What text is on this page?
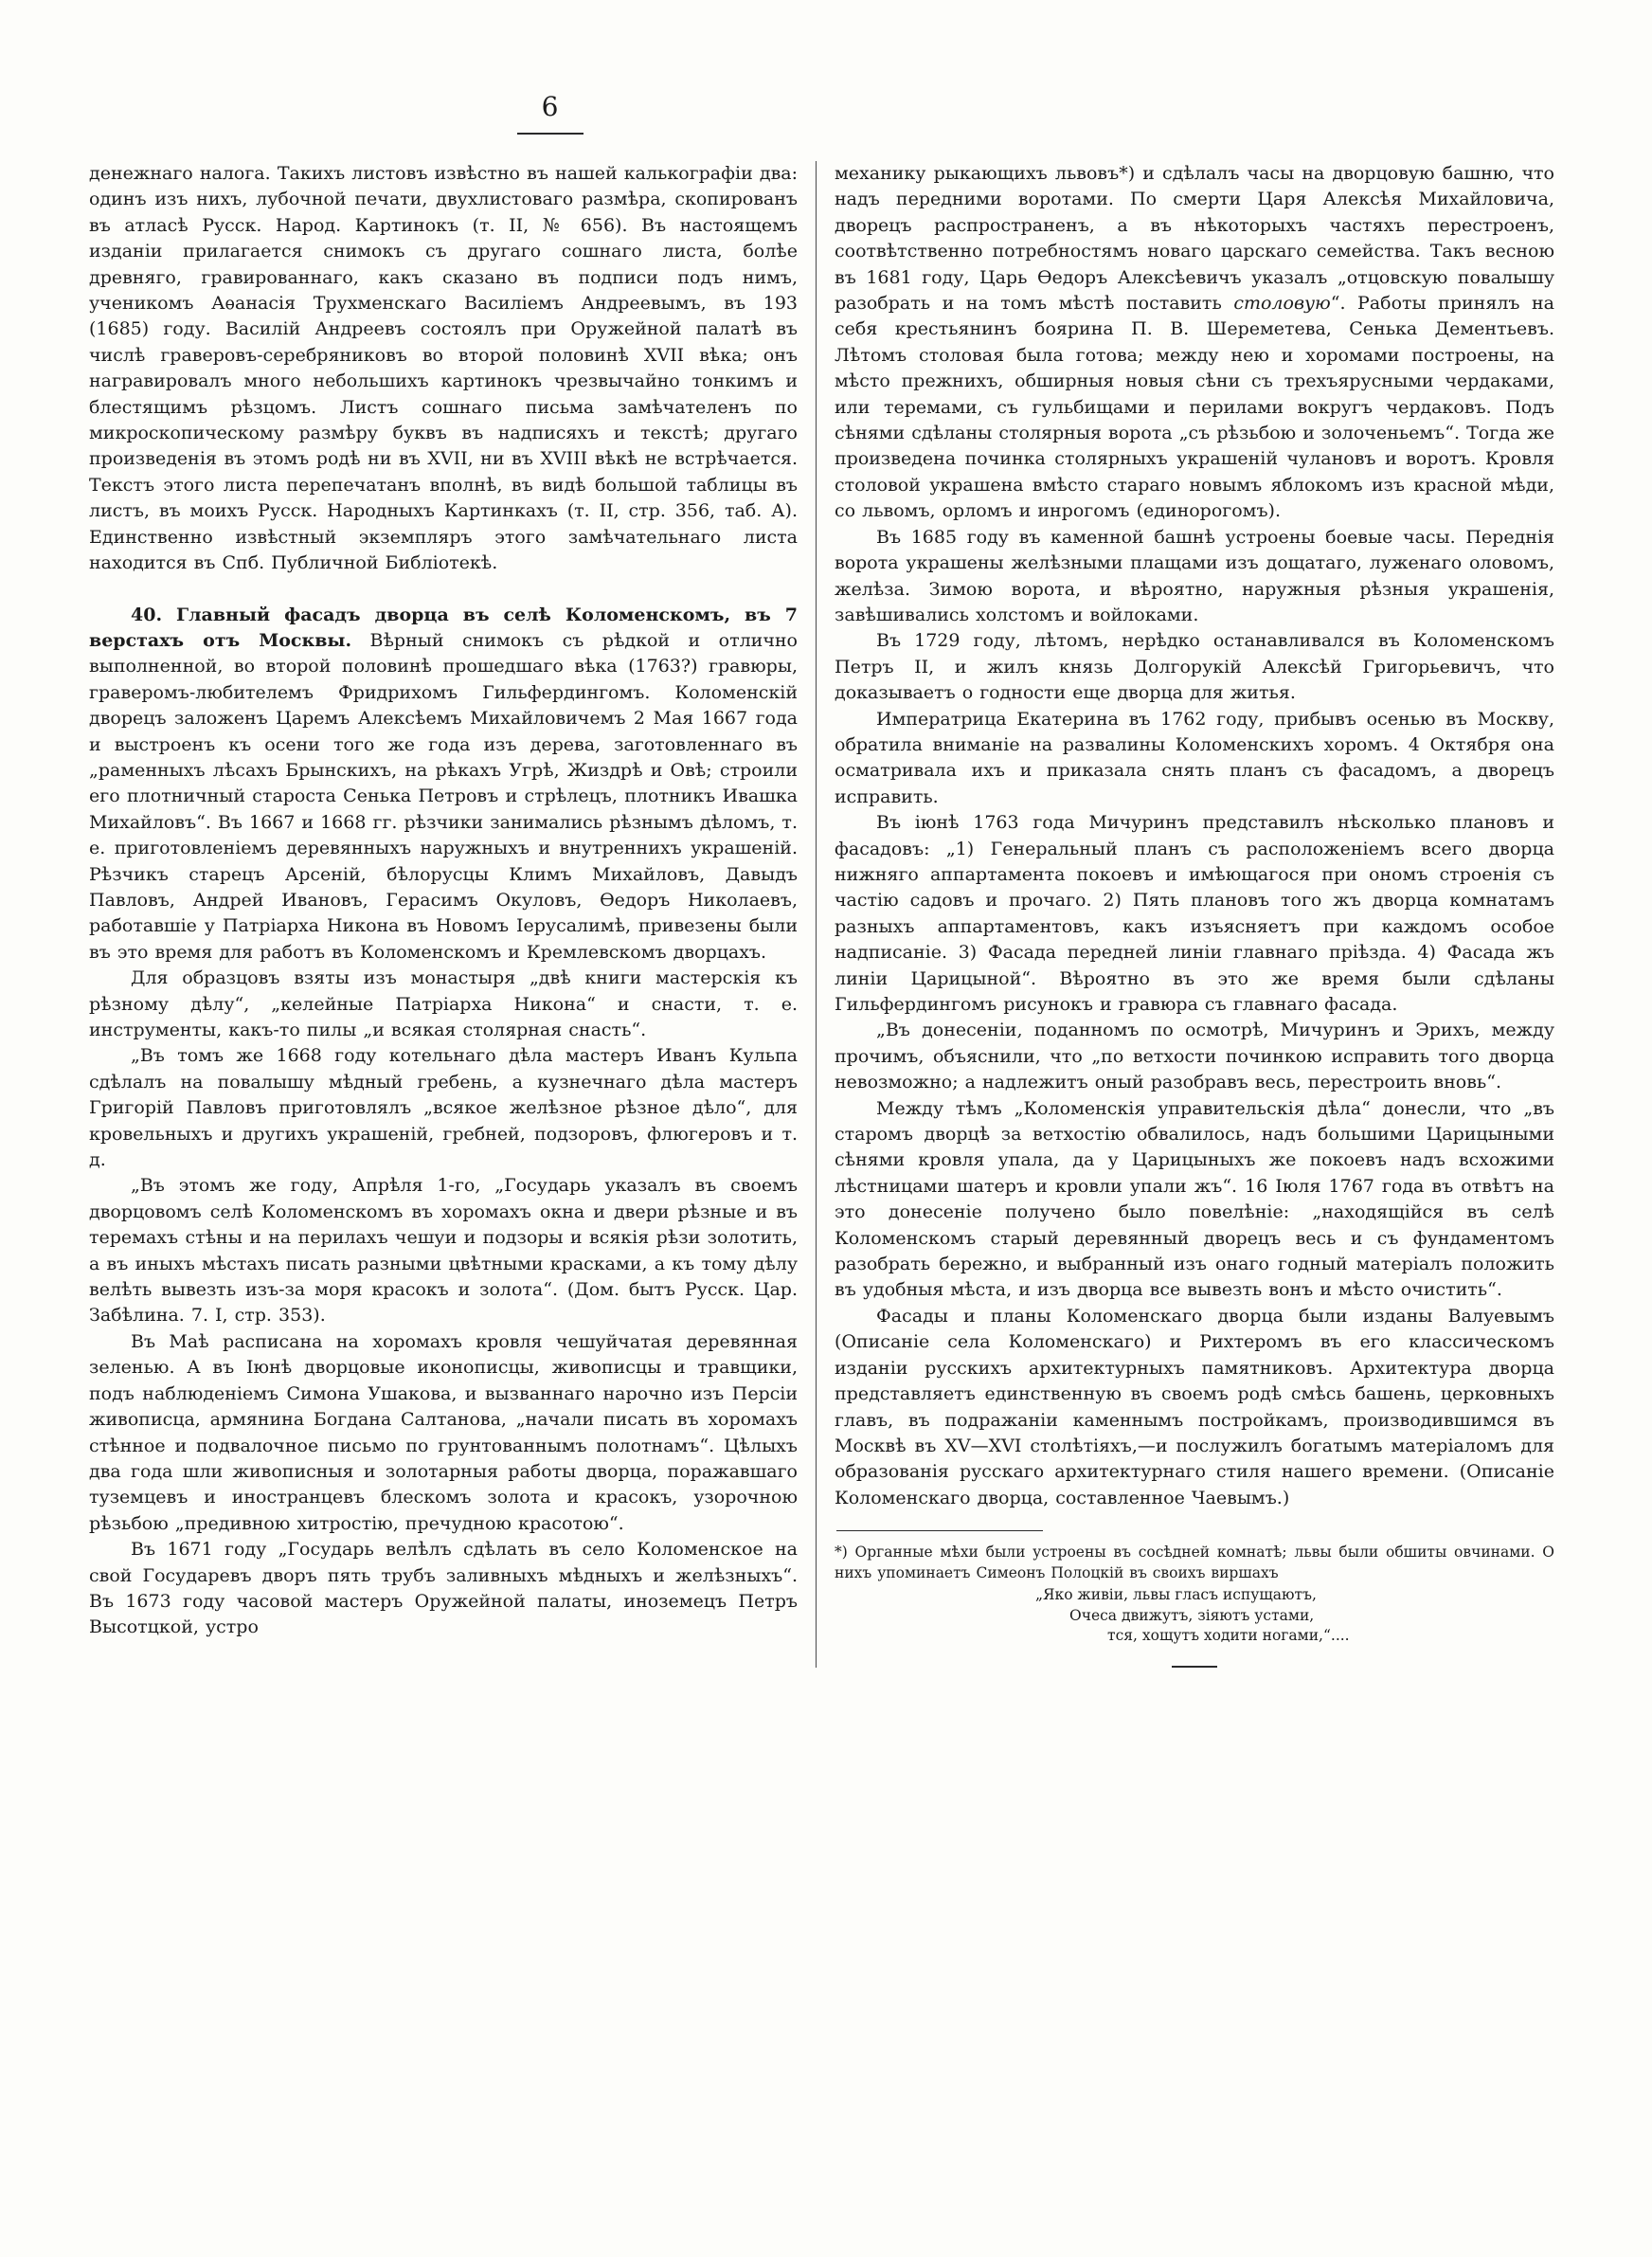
6

денежнаго налога. Такихъ листовъ извѣстно въ нашей калькографіи два: одинъ изъ нихъ, лубочной печати, двухлистоваго размѣра, скопированъ въ атласѣ Русск. Народ. Картинокъ (т. II, № 656). Въ настоящемъ изданіи прилагается снимокъ съ другаго сошнаго листа, болѣе древняго, гравированнаго, какъ сказано въ подписи подъ нимъ, ученикомъ Аѳанасія Трухменскаго Василіемъ Андреевымъ, въ 193 (1685) году. Василій Андреевъ состоялъ при Оружейной палатѣ въ числѣ граверовъ-серебряниковъ во второй половинѣ XVII вѣка; онъ награвировалъ много небольшихъ картинокъ чрезвычайно тонкимъ и блестящимъ рѣзцомъ. Листъ сошнаго письма замѣчателенъ по микроскопическому размѣру буквъ въ надписяхъ и текстѣ; другаго произведенія въ этомъ родѣ ни въ XVII, ни въ XVIII вѣкѣ не встрѣчается. Текстъ этого листа перепечатанъ вполнѣ, въ видѣ большой таблицы въ листъ, въ моихъ Русск. Народныхъ Картинкахъ (т. II, стр. 356, таб. А). Единственно извѣстный экземпляръ этого замѣчательнаго листа находится въ Спб. Публичной Библіотекѣ.

40. Главный фасадъ дворца въ селѣ Коломенскомъ, въ 7 верстахъ отъ Москвы. Вѣрный снимокъ съ рѣдкой и отлично выполненной, во второй половинѣ прошедшаго вѣка (1763?) гравюры, граверомъ-любителемъ Фридрихомъ Гильфердингомъ. Коломенскій дворецъ заложенъ Царемъ Алексѣемъ Михайловичемъ 2 Мая 1667 года и выстроенъ къ осени того же года изъ дерева, заготовленнаго въ „раменныхъ лѣсахъ Брынскихъ, на рѣкахъ Угрѣ, Жиздрѣ и Овѣ; строили его плотничный староста Сенька Петровъ и стрѣлецъ, плотникъ Ивашка Михайловъ“. Въ 1667 и 1668 гг. рѣзчики занимались рѣзнымъ дѣломъ, т. е. приготовленіемъ деревянныхъ наружныхъ и внутреннихъ украшеній. Рѣзчикъ старецъ Арсеній, бѣлорусцы Климъ Михайловъ, Давыдъ Павловъ, Андрей Ивановъ, Герасимъ Окуловъ, Ѳедоръ Николаевъ, работавшіе у Патріарха Никона въ Новомъ Іерусалимѣ, привезены были въ это время для работъ въ Коломенскомъ и Кремлевскомъ дворцахъ.

Для образцовъ взяты изъ монастыря „двѣ книги мастерскія къ рѣзному дѣлу“, „келейные Патріарха Никона“ и снасти, т. е. инструменты, какъ-то пилы „и всякая столярная снасть“.

„Въ томъ же 1668 году котельнаго дѣла мастеръ Иванъ Кульпа сдѣлалъ на повалышу мѣдный гребень, а кузнечнаго дѣла мастеръ Григорій Павловъ приготовлялъ „всякое желѣзное рѣзное дѣло“, для кровельныхъ и другихъ украшеній, гребней, подзоровъ, флюгеровъ и т. д.

„Въ этомъ же году, Апрѣля 1-го, „Государь указалъ въ своемъ дворцовомъ селѣ Коломенскомъ въ хоромахъ окна и двери рѣзные и въ теремахъ стѣны и на перилахъ чешуи и подзоры и всякія рѣзи золотить, а въ иныхъ мѣстахъ писать разными цвѣтными красками, а къ тому дѣлу велѣть вывезть изъ-за моря красокъ и золота“. (Дом. бытъ Русск. Цар. Забѣлина. 7. I, стр. 353).

Въ Маѣ расписана на хоромахъ кровля чешуйчатая деревянная зеленью. А въ Іюнѣ дворцовые иконописцы, живописцы и травщики, подъ наблюденіемъ Симона Ушакова, и вызваннаго нарочно изъ Персіи живописца, армянина Богдана Салтанова, „начали писать въ хоромахъ стѣнное и подвалочное письмо по грунтованнымъ полотнамъ“. Цѣлыхъ два года шли живописныя и золотарныя работы дворца, поражавшаго туземцевъ и иностранцевъ блескомъ золота и красокъ, узорочною рѣзьбою „предивною хитростію, пречудною красотою“.

Въ 1671 году „Государь велѣлъ сдѣлать въ село Коломенское на свой Государевъ дворъ пять трубъ заливныхъ мѣдныхъ и желѣзныхъ“. Въ 1673 году часовой мастеръ Оружейной палаты, иноземецъ Петръ Высотцкой, устро

механику рыкающихъ львовъ*) и сдѣлалъ часы на дворцовую башню, что надъ передними воротами. По смерти Царя Алексѣя Михайловича, дворецъ распространенъ, а въ нѣкоторыхъ частяхъ перестроенъ, соотвѣтственно потребностямъ новаго царскаго семейства. Такъ весною въ 1681 году, Царь Ѳедоръ Алексѣевичъ указалъ „отцовскую повалышу разобрать и на томъ мѣстѣ поставить столовую“. Работы принялъ на себя крестьянинъ боярина П. В. Шереметева, Сенька Дементьевъ. Лѣтомъ столовая была готова; между нею и хоромами построены, на мѣсто прежнихъ, обширныя новыя сѣни съ трехъярусными чердаками, или теремами, съ гульбищами и перилами вокругъ чердаковъ. Подъ сѣнями сдѣланы столярныя ворота „съ рѣзьбою и золоченьемъ“. Тогда же произведена починка столярныхъ украшеній чулановъ и воротъ. Кровля столовой украшена вмѣсто стараго новымъ яблокомъ изъ красной мѣди, со львомъ, орломъ и инрогомъ (единорогомъ).

Въ 1685 году въ каменной башнѣ устроены боевые часы. Переднія ворота украшены желѣзными плащами изъ дощатаго, луженаго оловомъ, желѣза. Зимою ворота, и вѣроятно, наружныя рѣзныя украшенія, завѣшивались холстомъ и войлоками.

Въ 1729 году, лѣтомъ, нерѣдко останавливался въ Коломенскомъ Петръ II, и жилъ князь Долгорукій Алексѣй Григорьевичъ, что доказываетъ о годности еще дворца для житья.

Императрица Екатерина въ 1762 году, прибывъ осенью въ Москву, обратила вниманіе на развалины Коломенскихъ хоромъ. 4 Октября она осматривала ихъ и приказала снять планъ съ фасадомъ, а дворецъ исправить.

Въ іюнѣ 1763 года Мичуринъ представилъ нѣсколько плановъ и фасадовъ: „1) Генеральный планъ съ расположеніемъ всего дворца нижняго аппартамента покоевъ и имѣющагося при ономъ строенія съ частію садовъ и прочаго. 2) Пять плановъ того жъ дворца комнатамъ разныхъ аппартаментовъ, какъ изъясняетъ при каждомъ особое надписаніе. 3) Фасада передней линіи главнаго пріѣзда. 4) Фасада жъ линіи Царицыной“. Вѣроятно въ это же время были сдѣланы Гильфердингомъ рисунокъ и гравюра съ главнаго фасада.

„Въ донесеніи, поданномъ по осмотрѣ, Мичуринъ и Эрихъ, между прочимъ, объяснили, что „по ветхости починкою исправить того дворца невозможно; а надлежитъ оный разобравъ весь, перестроить вновь“.

Между тѣмъ „Коломенскія управительскія дѣла“ донесли, что „въ старомъ дворцѣ за ветхостію обвалилось, надъ большими Царицыными сѣнями кровля упала, да у Царицыныхъ же покоевъ надъ всхожими лѣстницами шатеръ и кровли упали жъ“. 16 Іюля 1767 года въ отвѣтъ на это донесеніе получено было повелѣніе: „находящійся въ селѣ Коломенскомъ старый деревянный дворецъ весь и съ фундаментомъ разобрать бережно, и выбранный изъ онаго годный матеріалъ положить въ удобныя мѣста, и изъ дворца все вывезть вонъ и мѣсто очистить“.

Фасады и планы Коломенскаго дворца были изданы Валуевымъ (Описаніе села Коломенскаго) и Рихтеромъ въ его классическомъ изданіи русскихъ архитектурныхъ памятниковъ. Архитектура дворца представляетъ единственную въ своемъ родѣ смѣсь башень, церковныхъ главъ, въ подражаніи каменнымъ постройкамъ, производившимся въ Москвѣ въ XV—XVI столѣтіяхъ,—и послужилъ богатымъ матеріаломъ для образованія русскаго архитектурнаго стиля нашего времени. (Описаніе Коломенскаго дворца, составленное Чаевымъ.)

*) Органные мѣхи были устроены въ сосѣдней комнатѣ; львы были обшиты овчинами. О нихъ упоминаетъ Симеонъ Полоцкій въ своихъ виршахъ

„Яко живіи, львы гласъ испущаютъ,
Очеса движутъ, зіяютъ устами,
тся, хощутъ ходити ногами,“....
